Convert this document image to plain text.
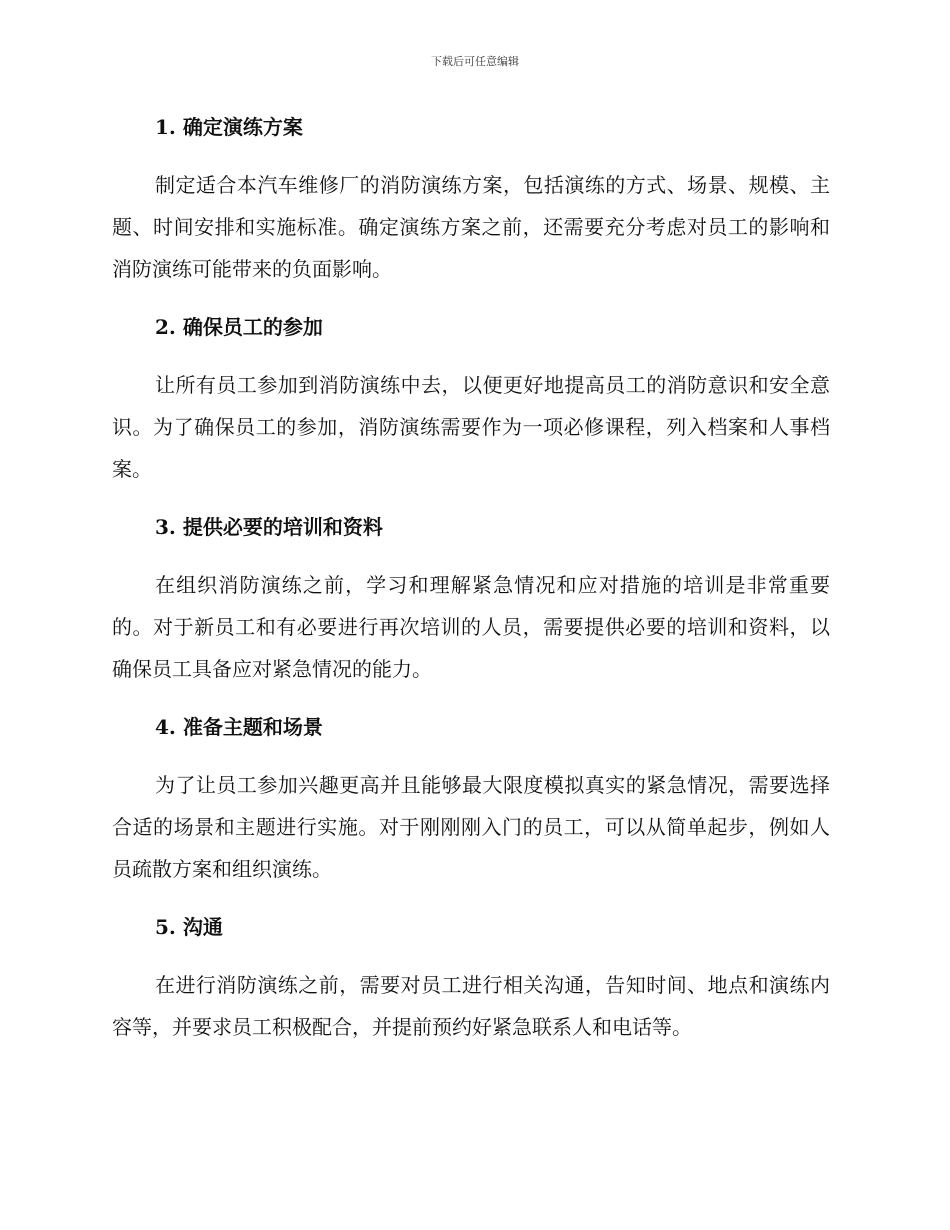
下载后可任意编辑
1. 确定演练方案

制定适合本汽车维修厂的消防演练方案，包括演练的方式、场景、规模、主题、时间安排和实施标准。确定演练方案之前，还需要充分考虑对员工的影响和消防演练可能带来的负面影响。

2. 确保员工的参加

让所有员工参加到消防演练中去，以便更好地提高员工的消防意识和安全意识。为了确保员工的参加，消防演练需要作为一项必修课程，列入档案和人事档案。

3. 提供必要的培训和资料

在组织消防演练之前，学习和理解紧急情况和应对措施的培训是非常重要的。对于新员工和有必要进行再次培训的人员，需要提供必要的培训和资料，以确保员工具备应对紧急情况的能力。

4. 准备主题和场景

为了让员工参加兴趣更高并且能够最大限度模拟真实的紧急情况，需要选择合适的场景和主题进行实施。对于刚刚刚入门的员工，可以从简单起步，例如人员疏散方案和组织演练。

5. 沟通

在进行消防演练之前，需要对员工进行相关沟通，告知时间、地点和演练内容等，并要求员工积极配合，并提前预约好紧急联系人和电话等。
